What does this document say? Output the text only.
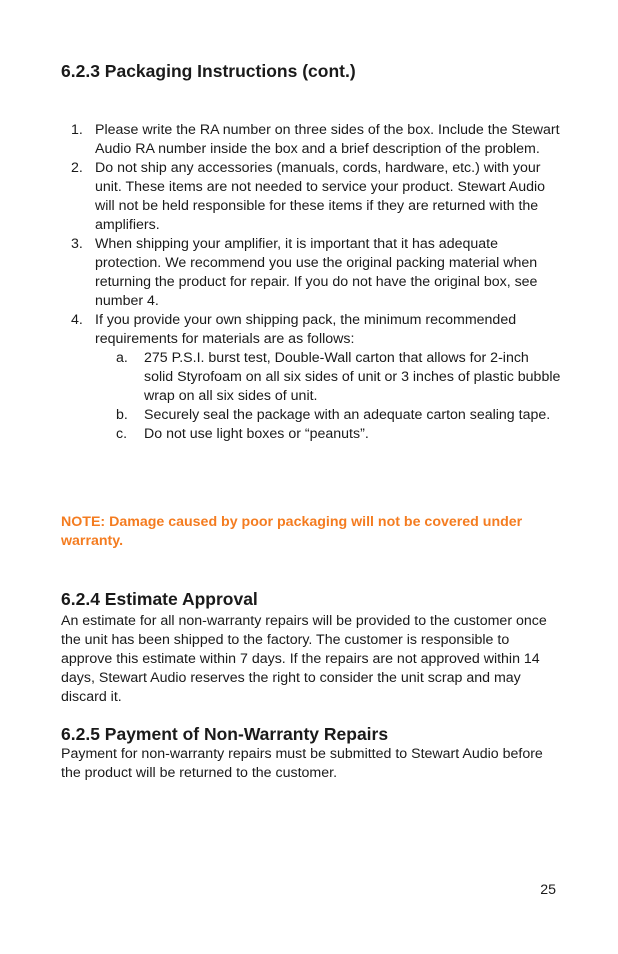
6.2.3 Packaging Instructions (cont.)
1. Please write the RA number on three sides of the box. Include the Stewart Audio RA number inside the box and a brief description of the problem.
2. Do not ship any accessories (manuals, cords, hardware, etc.) with your unit. These items are not needed to service your product. Stewart Audio will not be held responsible for these items if they are returned with the amplifiers.
3. When shipping your amplifier, it is important that it has adequate protection. We recommend you use the original packing material when returning the product for repair. If you do not have the original box, see number 4.
4. If you provide your own shipping pack, the minimum recommended requirements for materials are as follows:
a. 275 P.S.I. burst test, Double-Wall carton that allows for 2-inch solid Styrofoam on all six sides of unit or 3 inches of plastic bubble wrap on all six sides of unit.
b. Securely seal the package with an adequate carton sealing tape.
c. Do not use light boxes or “peanuts”.

NOTE: Damage caused by poor packaging will not be covered under warranty.

6.2.4 Estimate Approval

An estimate for all non-warranty repairs will be provided to the customer once the unit has been shipped to the factory. The customer is responsible to approve this estimate within 7 days. If the repairs are not approved within 14 days, Stewart Audio reserves the right to consider the unit scrap and may discard it.

6.2.5 Payment of Non-Warranty Repairs

Payment for non-warranty repairs must be submitted to Stewart Audio before the product will be returned to the customer.

25
